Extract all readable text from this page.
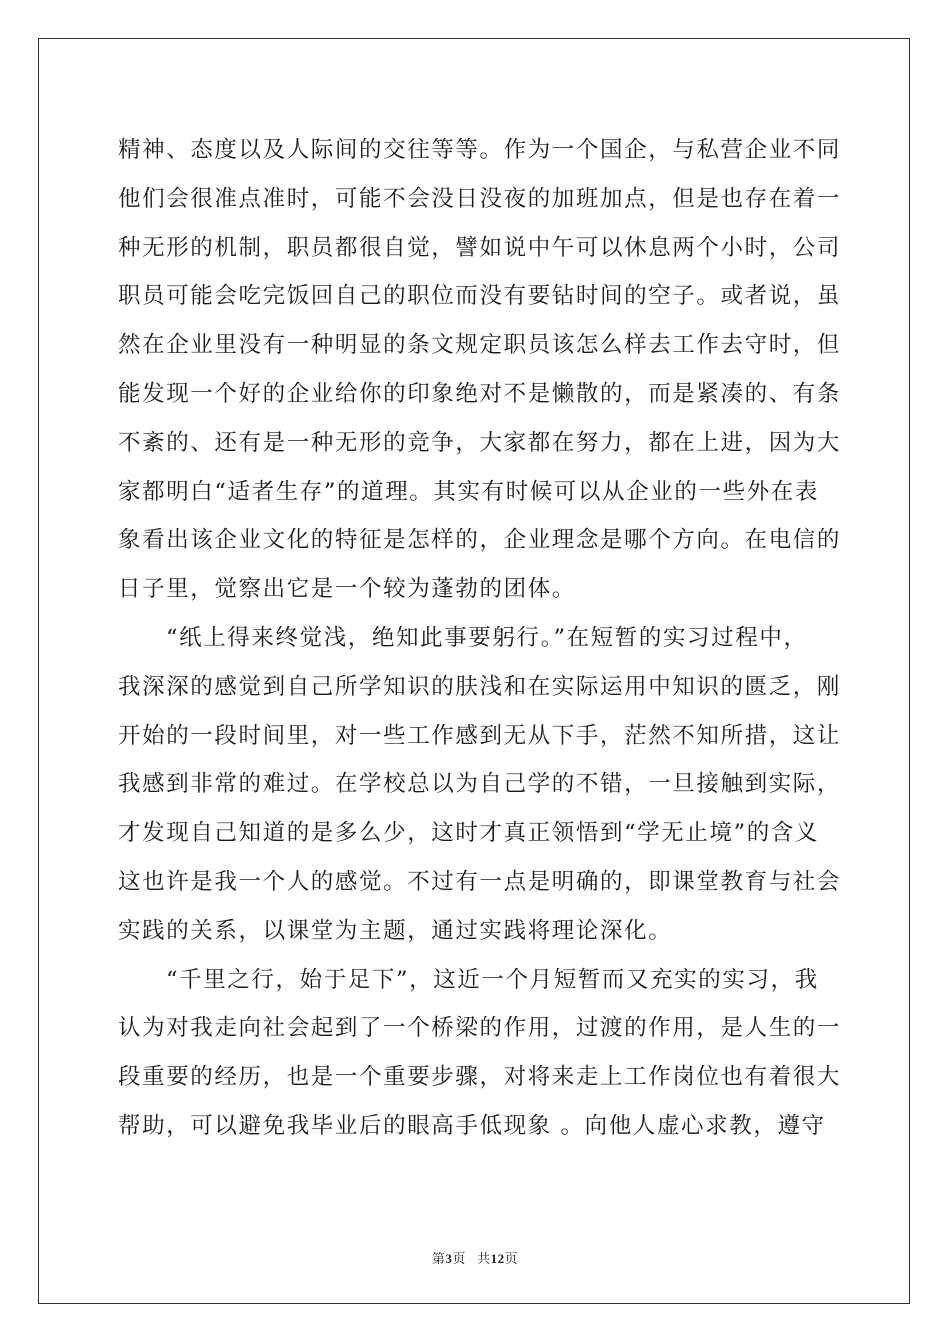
精神、态度以及人际间的交往等等。作为一个国企，与私营企业不同
他们会很准点准时，可能不会没日没夜的加班加点，但是也存在着一
种无形的机制，职员都很自觉，譬如说中午可以休息两个小时，公司
职员可能会吃完饭回自己的职位而没有要钻时间的空子。或者说，虽
然在企业里没有一种明显的条文规定职员该怎么样去工作去守时，但
能发现一个好的企业给你的印象绝对不是懒散的，而是紧凑的、有条
不紊的、还有是一种无形的竞争，大家都在努力，都在上进，因为大
家都明白“适者生存”的道理。其实有时候可以从企业的一些外在表
象看出该企业文化的特征是怎样的，企业理念是哪个方向。在电信的
日子里，觉察出它是一个较为蓬勃的团体。
“纸上得来终觉浅，绝知此事要躬行。”在短暂的实习过程中，
我深深的感觉到自己所学知识的肤浅和在实际运用中知识的匮乏，刚
开始的一段时间里，对一些工作感到无从下手，茫然不知所措，这让
我感到非常的难过。在学校总以为自己学的不错，一旦接触到实际，
才发现自己知道的是多么少，这时才真正领悟到“学无止境”的含义
这也许是我一个人的感觉。不过有一点是明确的，即课堂教育与社会
实践的关系，以课堂为主题，通过实践将理论深化。
“千里之行，始于足下”，这近一个月短暂而又充实的实习，我
认为对我走向社会起到了一个桥梁的作用，过渡的作用，是人生的一
段重要的经历，也是一个重要步骤，对将来走上工作岗位也有着很大
帮助，可以避免我毕业后的眼高手低现象 。向他人虚心求教，遵守
第3页 共12页
